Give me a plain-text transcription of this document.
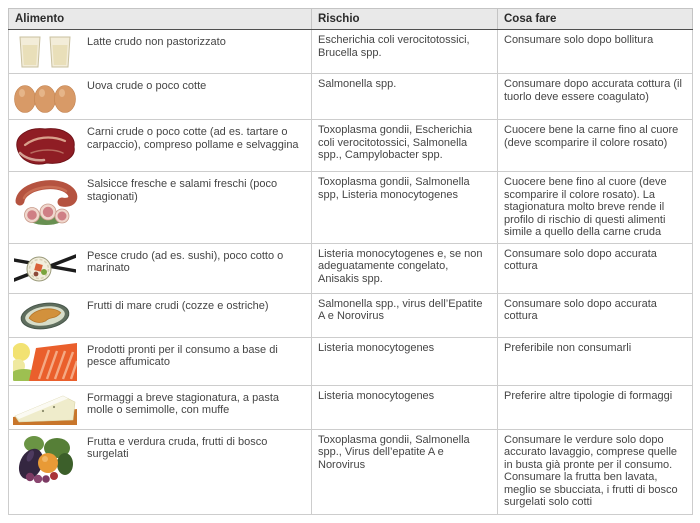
Alimento	Rischio	Cosa fare

Latte crudo non pastorizzato	Escherichia coli verocitotossici, Brucella spp.	Consumare solo dopo bollitura

Uova crude o poco cotte	Salmonella spp.	Consumare dopo accurata cottura (il tuorlo deve essere coagulato)

Carni crude o poco cotte (ad es. tartare o carpaccio), compreso pollame e selvaggina	Toxoplasma gondii, Escherichia coli verocitotossici, Salmonella spp., Campylobacter spp.	Cuocere bene la carne fino al cuore (deve scomparire il colore rosato)

Salsicce fresche e salami freschi (poco stagionati)	Toxoplasma gondii, Salmonella spp, Listeria monocytogenes	Cuocere bene fino al cuore (deve scomparire il colore rosato). La stagionatura molto breve rende il profilo di rischio di questi alimenti simile a quello della carne cruda

Pesce crudo (ad es. sushi), poco cotto o marinato	Listeria monocytogenes e, se non adeguatamente congelato, Anisakis spp.	Consumare solo dopo accurata cottura

Frutti di mare crudi (cozze e ostriche)	Salmonella spp., virus dell’Epatite A e Norovirus	Consumare solo dopo accurata cottura

Prodotti pronti per il consumo a base di pesce affumicato	Listeria monocytogenes	Preferibile non consumarli

Formaggi a breve stagionatura, a pasta molle o semimolle, con muffe	Listeria monocytogenes	Preferire altre tipologie di formaggi

Frutta e verdura cruda, frutti di bosco surgelati	Toxoplasma gondii, Salmonella spp., Virus dell’epatite A e Norovirus	Consumare le verdure solo dopo accurato lavaggio, comprese quelle in busta già pronte per il consumo. Consumare la frutta ben lavata, meglio se sbucciata, i frutti di bosco surgelati solo cotti
